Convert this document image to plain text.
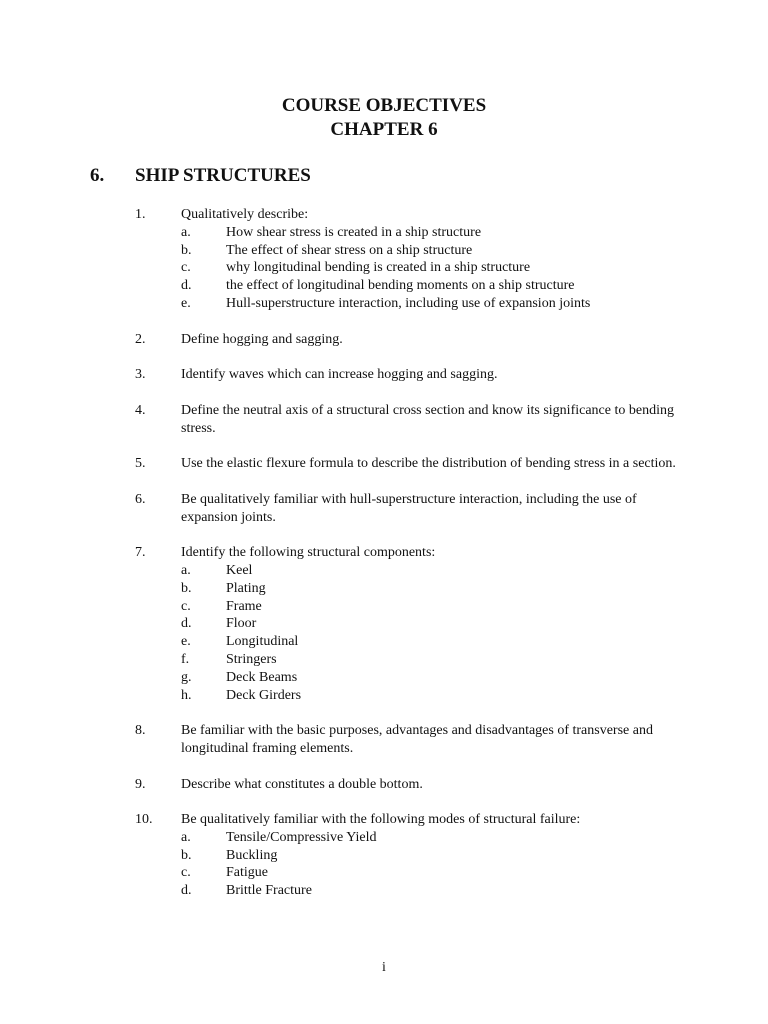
COURSE OBJECTIVES
CHAPTER 6
6. SHIP STRUCTURES
1.	Qualitatively describe:
a.	How shear stress is created in a ship structure
b. The effect of shear stress on a ship structure
c.	why longitudinal bending is created in a ship structure
d. the effect of longitudinal bending moments on a ship structure
e.	Hull-superstructure interaction, including use of expansion joints
2.	Define hogging and sagging.
3.	Identify waves which can increase hogging and sagging.
4.	Define the neutral axis of a structural cross section and know its significance to bending stress.
5.	Use the elastic flexure formula to describe the distribution of bending stress in a section.
6.	Be qualitatively familiar with hull-superstructure interaction, including the use of expansion joints.
7.	Identify the following structural components:
a.	Keel
b. Plating
c.	Frame
d. Floor
e.	Longitudinal
f.	Stringers
g. Deck Beams
h. Deck Girders
8.	Be familiar with the basic purposes, advantages and disadvantages of transverse and longitudinal framing elements.
9.	Describe what constitutes a double bottom.
10. Be qualitatively familiar with the following modes of structural failure:
a.	Tensile/Compressive Yield
b. Buckling
c.	Fatigue
d. Brittle Fracture
i
